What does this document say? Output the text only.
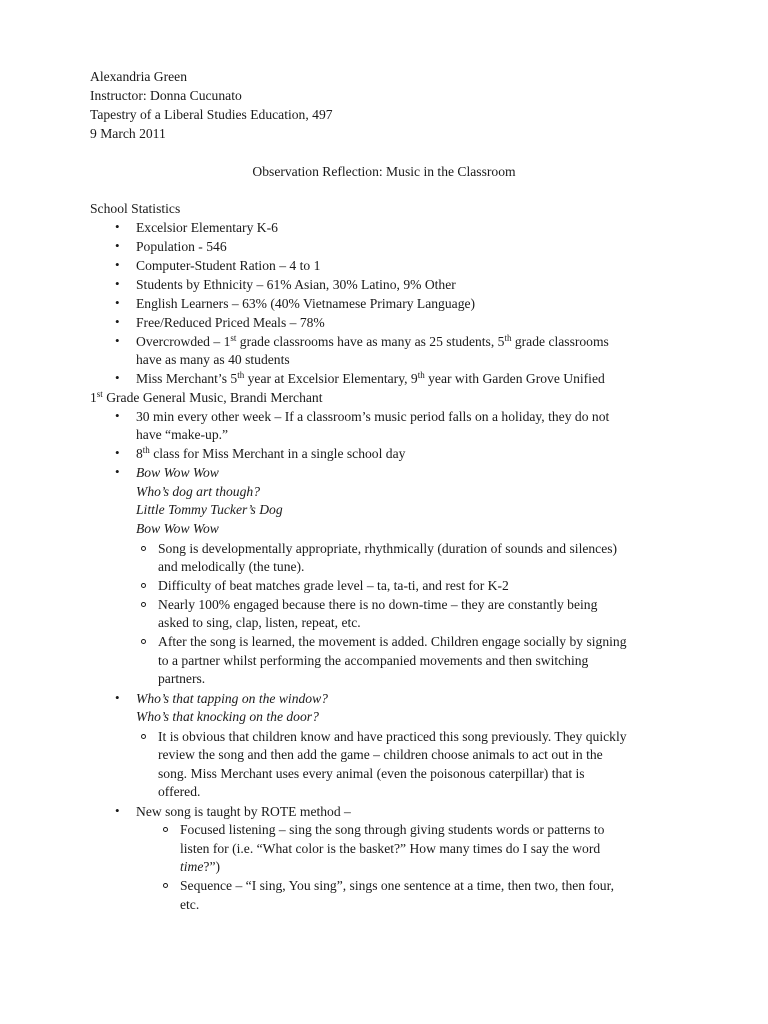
Alexandria Green
Instructor: Donna Cucunato
Tapestry of a Liberal Studies Education, 497
9 March 2011
Observation Reflection: Music in the Classroom
School Statistics
• Excelsior Elementary K-6
• Population - 546
• Computer-Student Ration – 4 to 1
• Students by Ethnicity – 61% Asian, 30% Latino, 9% Other
• English Learners – 63% (40% Vietnamese Primary Language)
• Free/Reduced Priced Meals – 78%
• Overcrowded – 1st grade classrooms have as many as 25 students, 5th grade classrooms
have as many as 40 students
• Miss Merchant’s 5th year at Excelsior Elementary, 9th year with Garden Grove Unified
1st Grade General Music, Brandi Merchant
• 30 min every other week – If a classroom’s music period falls on a holiday, they do not
have “make-up.”
• 8th class for Miss Merchant in a single school day
• Bow Wow Wow
Who’s dog art though?
Little Tommy Tucker’s Dog
Bow Wow Wow
Song is developmentally appropriate, rhythmically (duration of sounds and silences)
and melodically (the tune).
Difficulty of beat matches grade level – ta, ta-ti, and rest for K-2
Nearly 100% engaged because there is no down-time – they are constantly being
asked to sing, clap, listen, repeat, etc.
After the song is learned, the movement is added. Children engage socially by signing
to a partner whilst performing the accompanied movements and then switching
partners.
• Who’s that tapping on the window?
Who’s that knocking on the door?
It is obvious that children know and have practiced this song previously. They quickly
review the song and then add the game – children choose animals to act out in the
song. Miss Merchant uses every animal (even the poisonous caterpillar) that is
offered.
• New song is taught by ROTE method –
Focused listening – sing the song through giving students words or patterns to
listen for (i.e. “What color is the basket?” How many times do I say the word
time?”)
Sequence – “I sing, You sing”, sings one sentence at a time, then two, then four,
etc.
